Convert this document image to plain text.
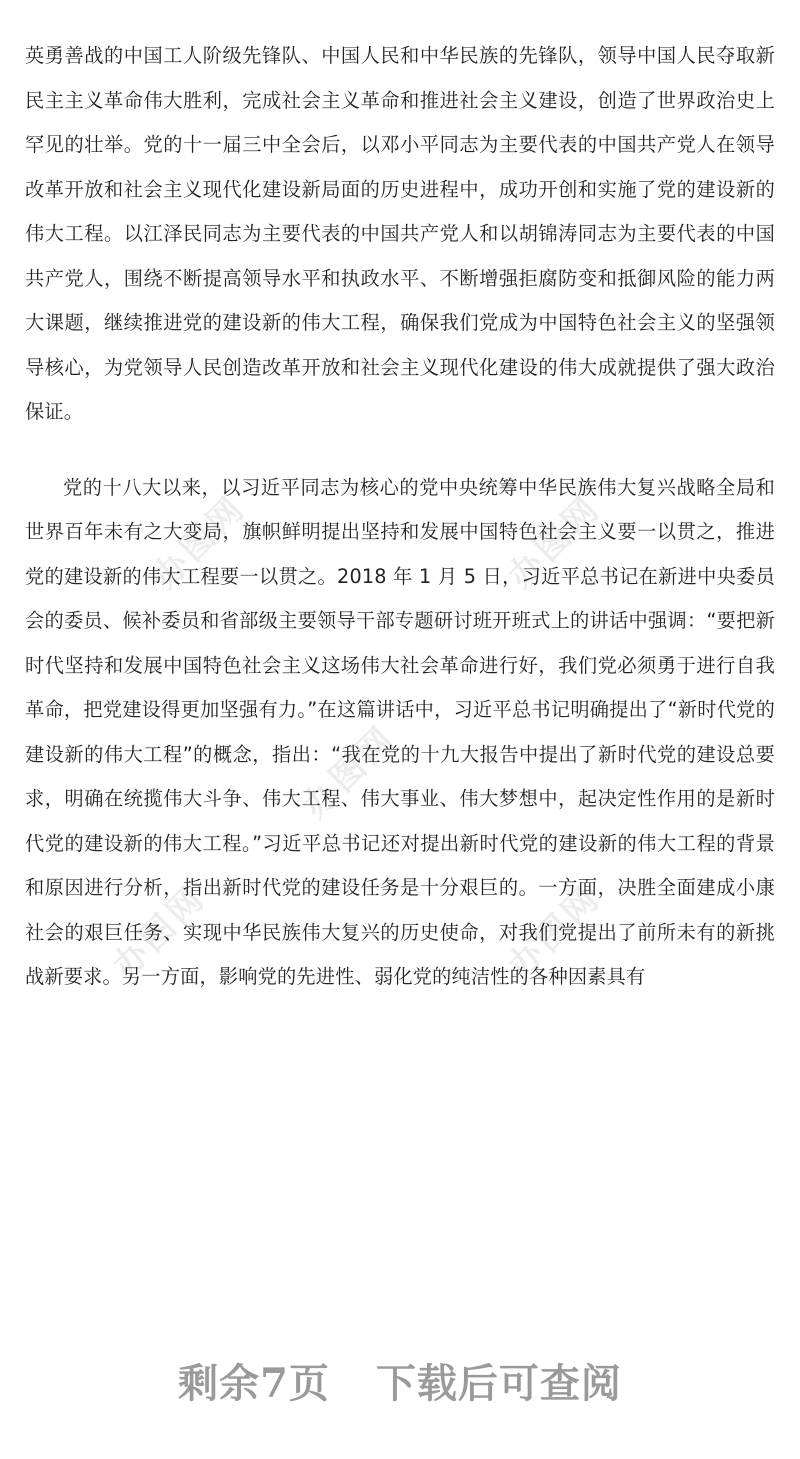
办图网	办图网
办图网
办图网
办图网

英勇善战的中国工人阶级先锋队、中国人民和中华民族的先锋队，领导中国人民夺取新民主主义革命伟大胜利，完成社会主义革命和推进社会主义建设，创造了世界政治史上罕见的壮举。党的十一届三中全会后，以邓小平同志为主要代表的中国共产党人在领导改革开放和社会主义现代化建设新局面的历史进程中，成功开创和实施了党的建设新的伟大工程。以江泽民同志为主要代表的中国共产党人和以胡锦涛同志为主要代表的中国共产党人，围绕不断提高领导水平和执政水平、不断增强拒腐防变和抵御风险的能力两大课题，继续推进党的建设新的伟大工程，确保我们党成为中国特色社会主义的坚强领导核心，为党领导人民创造改革开放和社会主义现代化建设的伟大成就提供了强大政治保证。

党的十八大以来，以习近平同志为核心的党中央统筹中华民族伟大复兴战略全局和世界百年未有之大变局，旗帜鲜明提出坚持和发展中国特色社会主义要一以贯之，推进党的建设新的伟大工程要一以贯之。2018 年 1 月 5 日，习近平总书记在新进中央委员会的委员、候补委员和省部级主要领导干部专题研讨班开班式上的讲话中强调：“要把新时代坚持和发展中国特色社会主义这场伟大社会革命进行好，我们党必须勇于进行自我革命，把党建设得更加坚强有力。”在这篇讲话中，习近平总书记明确提出了“新时代党的建设新的伟大工程”的概念，指出：“我在党的十九大报告中提出了新时代党的建设总要求，明确在统揽伟大斗争、伟大工程、伟大事业、伟大梦想中，起决定性作用的是新时代党的建设新的伟大工程。”习近平总书记还对提出新时代党的建设新的伟大工程的背景和原因进行分析，指出新时代党的建设任务是十分艰巨的。一方面，决胜全面建成小康社会的艰巨任务、实现中华民族伟大复兴的历史使命，对我们党提出了前所未有的新挑战新要求。另一方面，影响党的先进性、弱化党的纯洁性的各种因素具有

剩余7页 下载后可查阅
